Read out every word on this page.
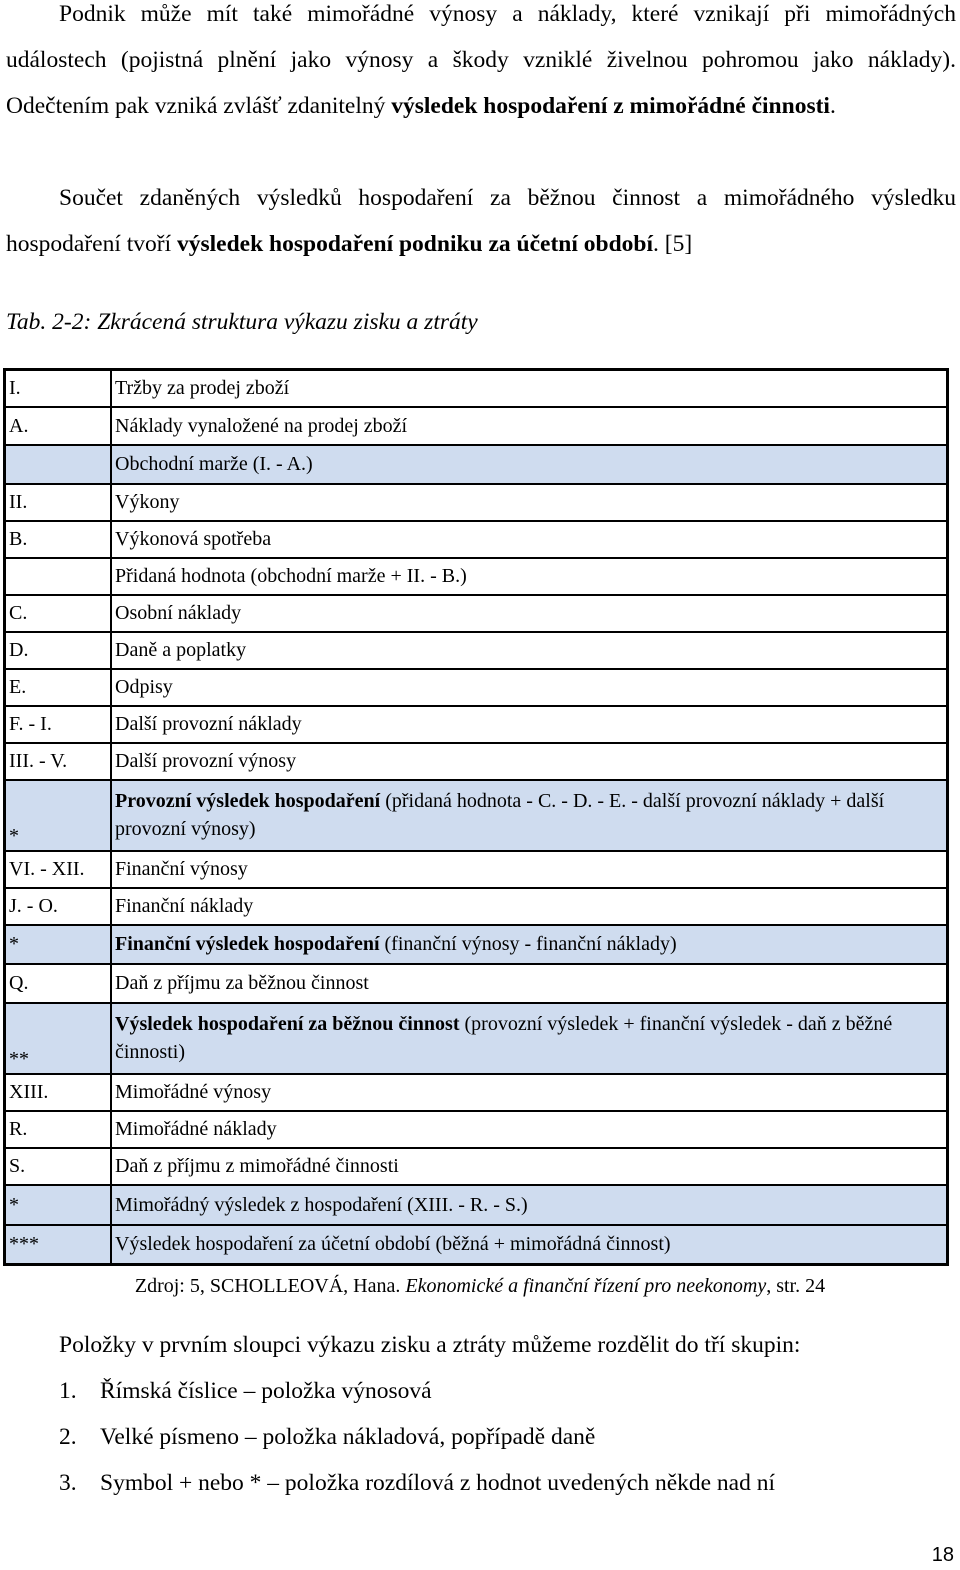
Podnik může mít také mimořádné výnosy a náklady, které vznikají při mimořádných událostech (pojistná plnění jako výnosy a škody vzniklé živelnou pohromou jako náklady). Odečtením pak vzniká zvlášť zdanitelný výsledek hospodaření z mimořádné činnosti.

Součet zdaněných výsledků hospodaření za běžnou činnost a mimořádného výsledku hospodaření tvoří výsledek hospodaření podniku za účetní období. [5]

Tab. 2-2: Zkrácená struktura výkazu zisku a ztráty
I.	Tržby za prodej zboží
A.	Náklady vynaložené na prodej zboží
	Obchodní marže (I. - A.)
II.	Výkony
B.	Výkonová spotřeba
	Přidaná hodnota (obchodní marže + II. - B.)
C.	Osobní náklady
D.	Daně a poplatky
E.	Odpisy
F. - I.	Další provozní náklady
III. - V.	Další provozní výnosy
*	Provozní výsledek hospodaření (přidaná hodnota - C. - D. - E. - další provozní náklady + další provozní výnosy)
VI. - XII.	Finanční výnosy
J. - O.	Finanční náklady
*	Finanční výsledek hospodaření (finanční výnosy - finanční náklady)
Q.	Daň z příjmu za běžnou činnost
**	Výsledek hospodaření za běžnou činnost (provozní výsledek + finanční výsledek - daň z běžné činnosti)
XIII.	Mimořádné výnosy
R.	Mimořádné náklady
S.	Daň z příjmu z mimořádné činnosti
*	Mimořádný výsledek z hospodaření (XIII. - R. - S.)
***	Výsledek hospodaření za účetní období (běžná + mimořádná činnost)
Zdroj: 5, SCHOLLEOVÁ, Hana. Ekonomické a finanční řízení pro neekonomy, str. 24
Položky v prvním sloupci výkazu zisku a ztráty můžeme rozdělit do tří skupin:
1. Římská číslice – položka výnosová
2. Velké písmeno – položka nákladová, popřípadě daně
3. Symbol + nebo * – položka rozdílová z hodnot uvedených někde nad ní
18
